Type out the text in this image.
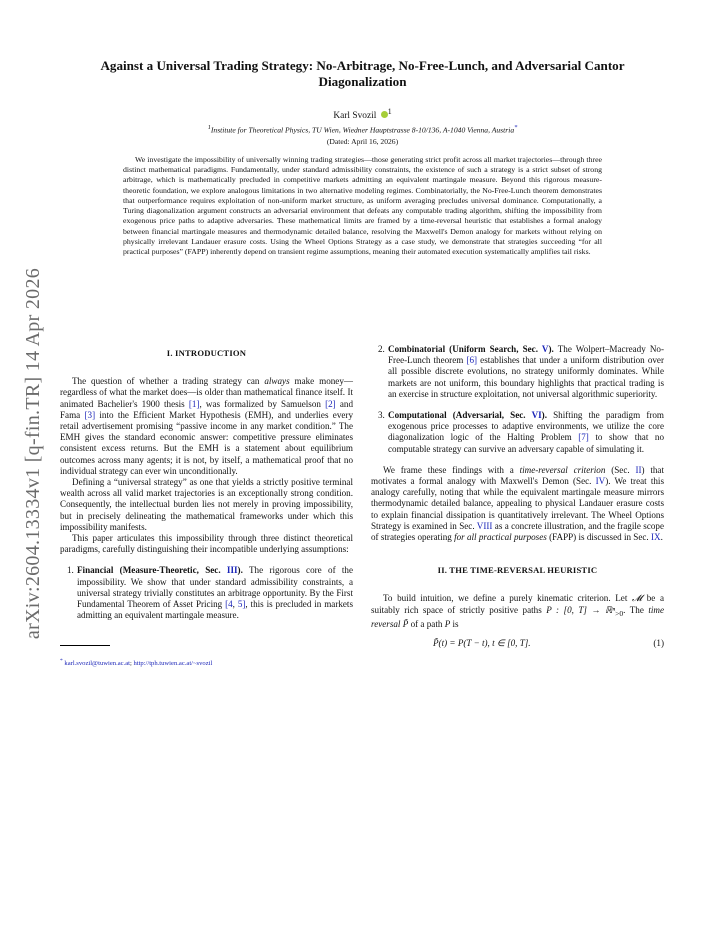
arXiv:2604.13334v1 [q-fin.TR] 14 Apr 2026
Against a Universal Trading Strategy: No-Arbitrage, No-Free-Lunch, and Adversarial Cantor Diagonalization
Karl Svozil $^1$
$^1$Institute for Theoretical Physics, TU Wien, Wiedner Hauptstrasse 8-10/136, A-1040 Vienna, Austria*
(Dated: April 16, 2026)

We investigate the impossibility of universally winning trading strategies—those generating strict profit across all market trajectories—through three distinct mathematical paradigms. Fundamentally, under standard admissibility constraints, the existence of such a strategy is a strict subset of strong arbitrage, which is mathematically precluded in competitive markets admitting an equivalent martingale measure. Beyond this rigorous measure-theoretic foundation, we explore analogous limitations in two alternative modeling regimes. Combinatorially, the No-Free-Lunch theorem demonstrates that outperformance requires exploitation of non-uniform market structure, as uniform averaging precludes universal dominance. Computationally, a Turing diagonalization argument constructs an adversarial environment that defeats any computable trading algorithm, shifting the impossibility from exogenous price paths to adaptive adversaries. These mathematical limits are framed by a time-reversal heuristic that establishes a formal analogy between financial martingale measures and thermodynamic detailed balance, resolving the Maxwell's Demon analogy for markets without relying on physically irrelevant Landauer erasure costs. Using the Wheel Options Strategy as a case study, we demonstrate that strategies succeeding “for all practical purposes” (FAPP) inherently depend on transient regime assumptions, meaning their automated execution systematically amplifies tail risks.

I. INTRODUCTION

The question of whether a trading strategy can always make money—regardless of what the market does—is older than mathematical finance itself. It animated Bachelier's 1900 thesis [1], was formalized by Samuelson [2] and Fama [3] into the Efficient Market Hypothesis (EMH), and underlies every retail advertisement promising “passive income in any market condition.” The EMH gives the standard economic answer: competitive pressure eliminates consistent excess returns. But the EMH is a statement about equilibrium outcomes across many agents; it is not, by itself, a mathematical proof that no individual strategy can ever win unconditionally.

Defining a “universal strategy” as one that yields a strictly positive terminal wealth across all valid market trajectories is an exceptionally strong condition. Consequently, the intellectual burden lies not merely in proving impossibility, but in precisely delineating the mathematical frameworks under which this impossibility manifests.

This paper articulates this impossibility through three distinct theoretical paradigms, carefully distinguishing their incompatible underlying assumptions:

1. Financial (Measure-Theoretic, Sec. III). The rigorous core of the impossibility. We show that under standard admissibility constraints, a universal strategy trivially constitutes an arbitrage opportunity. By the First Fundamental Theorem of Asset Pricing [4, 5], this is precluded in markets admitting an equivalent martingale measure.
* karl.svozil@tuwien.ac.at; http://tph.tuwien.ac.at/~svozil
2. Combinatorial (Uniform Search, Sec. V). The Wolpert–Macready No-Free-Lunch theorem [6] establishes that under a uniform distribution over all possible discrete evolutions, no strategy uniformly dominates. While markets are not uniform, this boundary highlights that practical trading is an exercise in structure exploitation, not universal algorithmic superiority.
3. Computational (Adversarial, Sec. VI). Shifting the paradigm from exogenous price processes to adaptive environments, we utilize the core diagonalization logic of the Halting Problem [7] to show that no computable strategy can survive an adversary capable of simulating it.

We frame these findings with a time-reversal criterion (Sec. II) that motivates a formal analogy with Maxwell's Demon (Sec. IV). We treat this analogy carefully, noting that while the equivalent martingale measure mirrors thermodynamic detailed balance, appealing to physical Landauer erasure costs to explain financial dissipation is quantitatively irrelevant. The Wheel Options Strategy is examined in Sec. VIII as a concrete illustration, and the fragile scope of strategies operating for all practical purposes (FAPP) is discussed in Sec. IX.

II. THE TIME-REVERSAL HEURISTIC

To build intuition, we define a purely kinematic criterion. Let 𝓜 be a suitably rich space of strictly positive paths P : [0, T] → ℝⁿ$_{>0}$. The time reversal P̃ of a path P is

P̃(t) = P(T − t), t ∈ [0, T].	(1)
